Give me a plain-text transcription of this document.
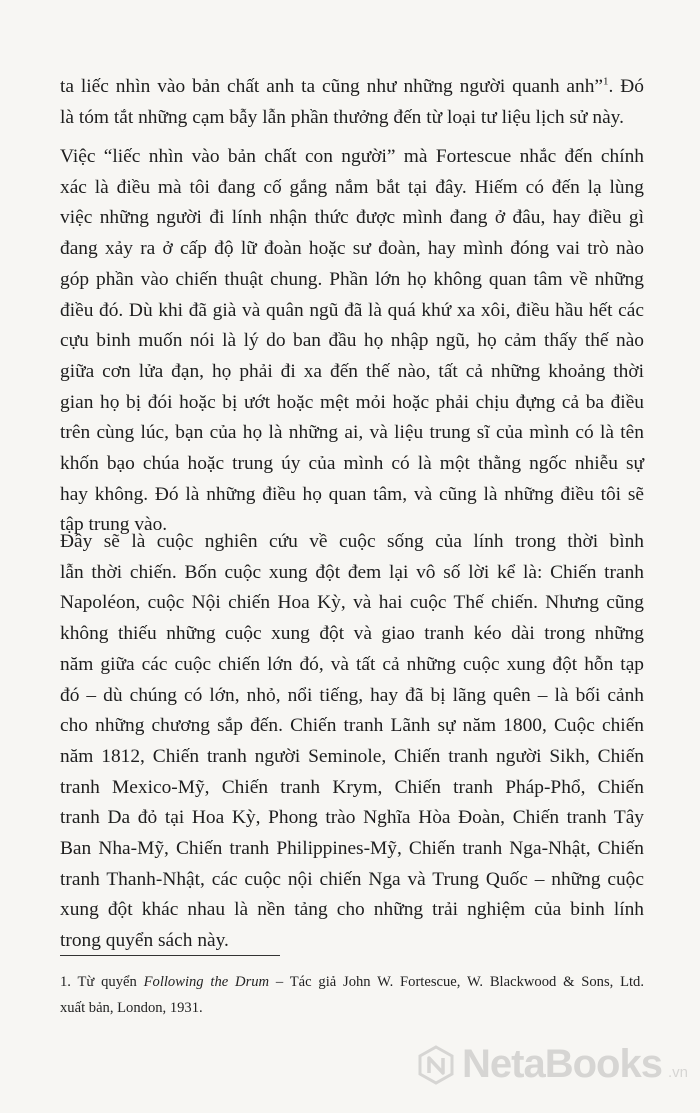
ta liếc nhìn vào bản chất anh ta cũng như những người quanh anh”$^1$. Đó
là tóm tắt những cạm bẫy lẫn phần thưởng đến từ loại tư liệu lịch sử này.
Việc “liếc nhìn vào bản chất con người” mà Fortescue nhắc đến chính
xác là điều mà tôi đang cố gắng nắm bắt tại đây. Hiếm có đến lạ lùng
việc những người đi lính nhận thức được mình đang ở đâu, hay điều gì
đang xảy ra ở cấp độ lữ đoàn hoặc sư đoàn, hay mình đóng vai trò nào
góp phần vào chiến thuật chung. Phần lớn họ không quan tâm về những
điều đó. Dù khi đã già và quân ngũ đã là quá khứ xa xôi, điều hầu hết các
cựu binh muốn nói là lý do ban đầu họ nhập ngũ, họ cảm thấy thế nào
giữa cơn lửa đạn, họ phải đi xa đến thế nào, tất cả những khoảng thời
gian họ bị đói hoặc bị ướt hoặc mệt mỏi hoặc phải chịu đựng cả ba điều
trên cùng lúc, bạn của họ là những ai, và liệu trung sĩ của mình có là tên
khốn bạo chúa hoặc trung úy của mình có là một thằng ngốc nhiễu sự
hay không. Đó là những điều họ quan tâm, và cũng là những điều tôi sẽ
tập trung vào.
Đây sẽ là cuộc nghiên cứu về cuộc sống của lính trong thời bình
lẫn thời chiến. Bốn cuộc xung đột đem lại vô số lời kể là: Chiến tranh
Napoléon, cuộc Nội chiến Hoa Kỳ, và hai cuộc Thế chiến. Nhưng cũng
không thiếu những cuộc xung đột và giao tranh kéo dài trong những
năm giữa các cuộc chiến lớn đó, và tất cả những cuộc xung đột hỗn tạp
đó – dù chúng có lớn, nhỏ, nổi tiếng, hay đã bị lãng quên – là bối cảnh
cho những chương sắp đến. Chiến tranh Lãnh sự năm 1800, Cuộc chiến
năm 1812, Chiến tranh người Seminole, Chiến tranh người Sikh, Chiến
tranh Mexico-Mỹ, Chiến tranh Krym, Chiến tranh Pháp-Phổ, Chiến
tranh Da đỏ tại Hoa Kỳ, Phong trào Nghĩa Hòa Đoàn, Chiến tranh Tây
Ban Nha-Mỹ, Chiến tranh Philippines-Mỹ, Chiến tranh Nga-Nhật, Chiến
tranh Thanh-Nhật, các cuộc nội chiến Nga và Trung Quốc – những cuộc
xung đột khác nhau là nền tảng cho những trải nghiệm của binh lính
trong quyển sách này.
1. Từ quyển Following the Drum – Tác giả John W. Fortescue, W. Blackwood & Sons, Ltd.
xuất bản, London, 1931.
NetaBooks .vn
